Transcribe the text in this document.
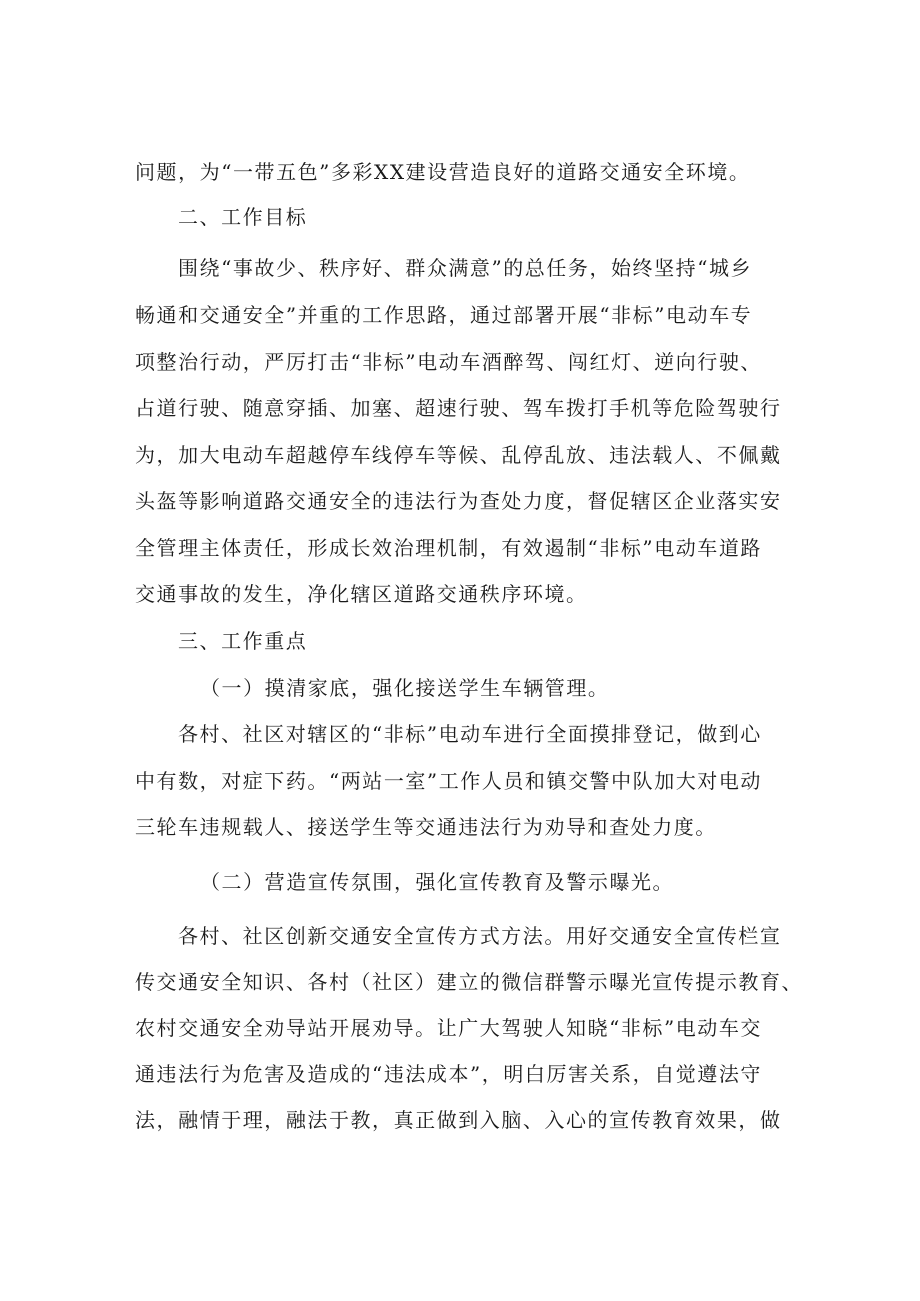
问题，为“一带五色”多彩XX建设营造良好的道路交通安全环境。

二、工作目标

围绕“事故少、秩序好、群众满意”的总任务，始终坚持“城乡

畅通和交通安全”并重的工作思路，通过部署开展“非标”电动车专

项整治行动，严厉打击“非标”电动车酒醉驾、闯红灯、逆向行驶、

占道行驶、随意穿插、加塞、超速行驶、驾车拨打手机等危险驾驶行

为，加大电动车超越停车线停车等候、乱停乱放、违法载人、不佩戴

头盔等影响道路交通安全的违法行为查处力度，督促辖区企业落实安

全管理主体责任，形成长效治理机制，有效遏制“非标”电动车道路

交通事故的发生，净化辖区道路交通秩序环境。

三、工作重点

（一）摸清家底，强化接送学生车辆管理。

各村、社区对辖区的“非标”电动车进行全面摸排登记，做到心

中有数，对症下药。“两站一室”工作人员和镇交警中队加大对电动

三轮车违规载人、接送学生等交通违法行为劝导和查处力度。

（二）营造宣传氛围，强化宣传教育及警示曝光。

各村、社区创新交通安全宣传方式方法。用好交通安全宣传栏宣

传交通安全知识、各村（社区）建立的微信群警示曝光宣传提示教育、

农村交通安全劝导站开展劝导。让广大驾驶人知晓“非标”电动车交

通违法行为危害及造成的“违法成本”，明白厉害关系，自觉遵法守

法，融情于理，融法于教，真正做到入脑、入心的宣传教育效果，做
